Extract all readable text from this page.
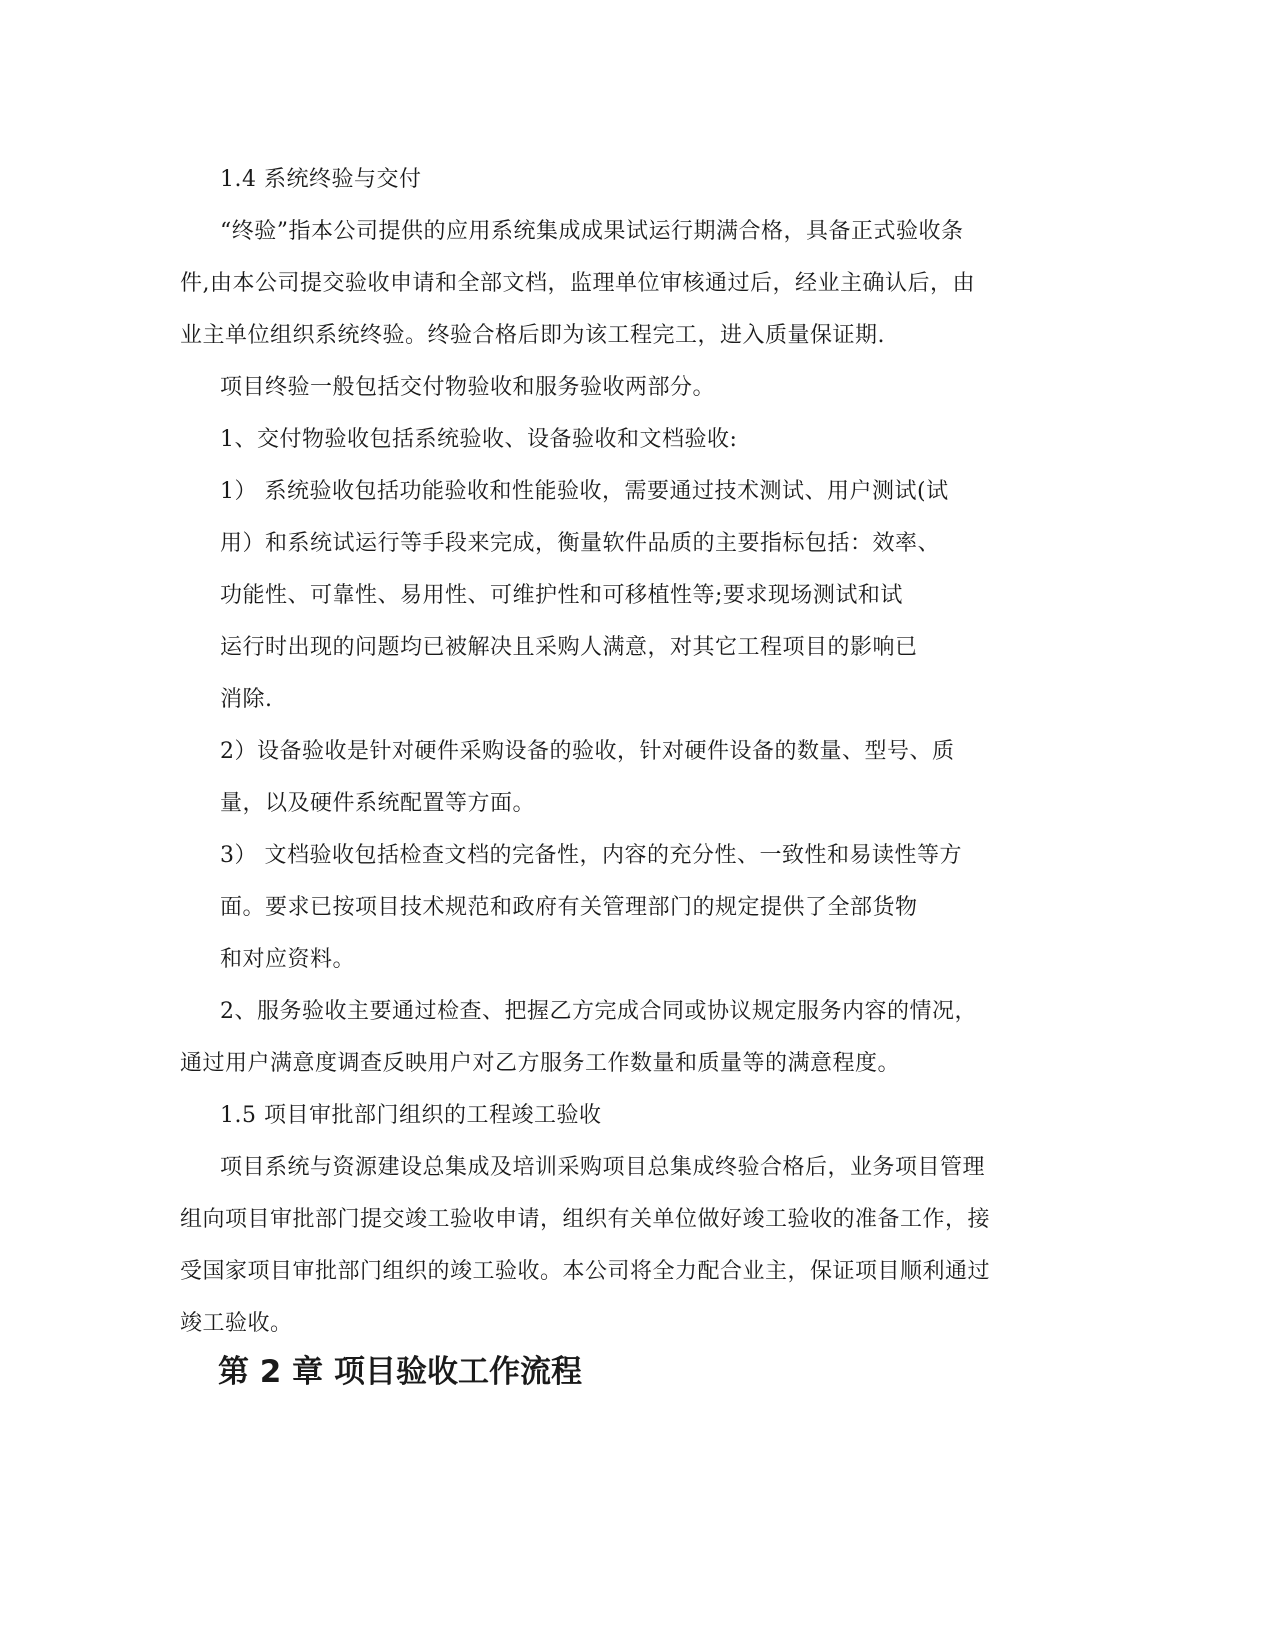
1.4 系统终验与交付
“终验”指本公司提供的应用系统集成成果试运行期满合格，具备正式验收条
件,由本公司提交验收申请和全部文档，监理单位审核通过后，经业主确认后，由
业主单位组织系统终验。终验合格后即为该工程完工，进入质量保证期.
项目终验一般包括交付物验收和服务验收两部分。
1、交付物验收包括系统验收、设备验收和文档验收:
1） 系统验收包括功能验收和性能验收，需要通过技术测试、用户测试(试
用）和系统试运行等手段来完成，衡量软件品质的主要指标包括：效率、
功能性、可靠性、易用性、可维护性和可移植性等;要求现场测试和试
运行时出现的问题均已被解决且采购人满意，对其它工程项目的影响已
消除.
2）设备验收是针对硬件采购设备的验收，针对硬件设备的数量、型号、质
量，以及硬件系统配置等方面。
3） 文档验收包括检查文档的完备性，内容的充分性、一致性和易读性等方
面。要求已按项目技术规范和政府有关管理部门的规定提供了全部货物
和对应资料。
2、服务验收主要通过检查、把握乙方完成合同或协议规定服务内容的情况，
通过用户满意度调查反映用户对乙方服务工作数量和质量等的满意程度。
1.5 项目审批部门组织的工程竣工验收
项目系统与资源建设总集成及培训采购项目总集成终验合格后，业务项目管理
组向项目审批部门提交竣工验收申请，组织有关单位做好竣工验收的准备工作，接
受国家项目审批部门组织的竣工验收。本公司将全力配合业主，保证项目顺利通过
竣工验收。
第 2 章 项目验收工作流程
